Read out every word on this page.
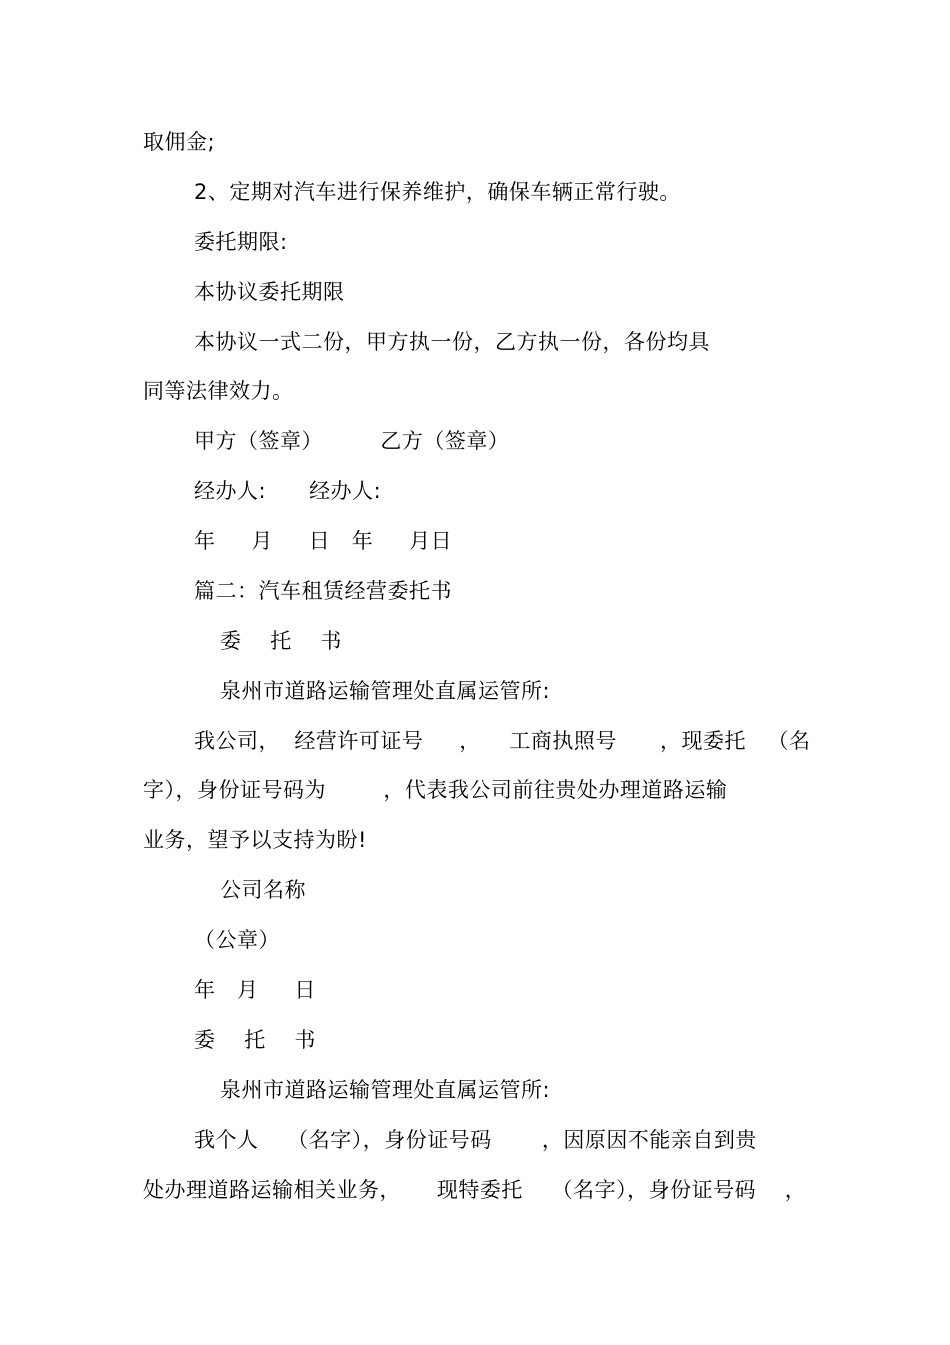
取佣金;
2、定期对汽车进行保养维护，确保车辆正常行驶。
委托期限:
本协议委托期限
本协议一式二份，甲方执一份，乙方执一份，各份均具
同等法律效力。
甲方（签章）        乙方（签章）
经办人:      经办人:
年     月     日   年     月日
篇二：汽车租赁经营委托书
委    托    书
泉州市道路运输管理处直属运管所:
我公司，  经营许可证号     ，    工商执照号      ，现委托   （名
字），身份证号码为        ，代表我公司前往贵处办理道路运输
业务，望予以支持为盼!
公司名称
（公章）
年   月     日
委    托    书
泉州市道路运输管理处直属运管所:
我个人    （名字），身份证号码       ，因原因不能亲自到贵
处办理道路运输相关业务，     现特委托    （名字），身份证号码    ，
